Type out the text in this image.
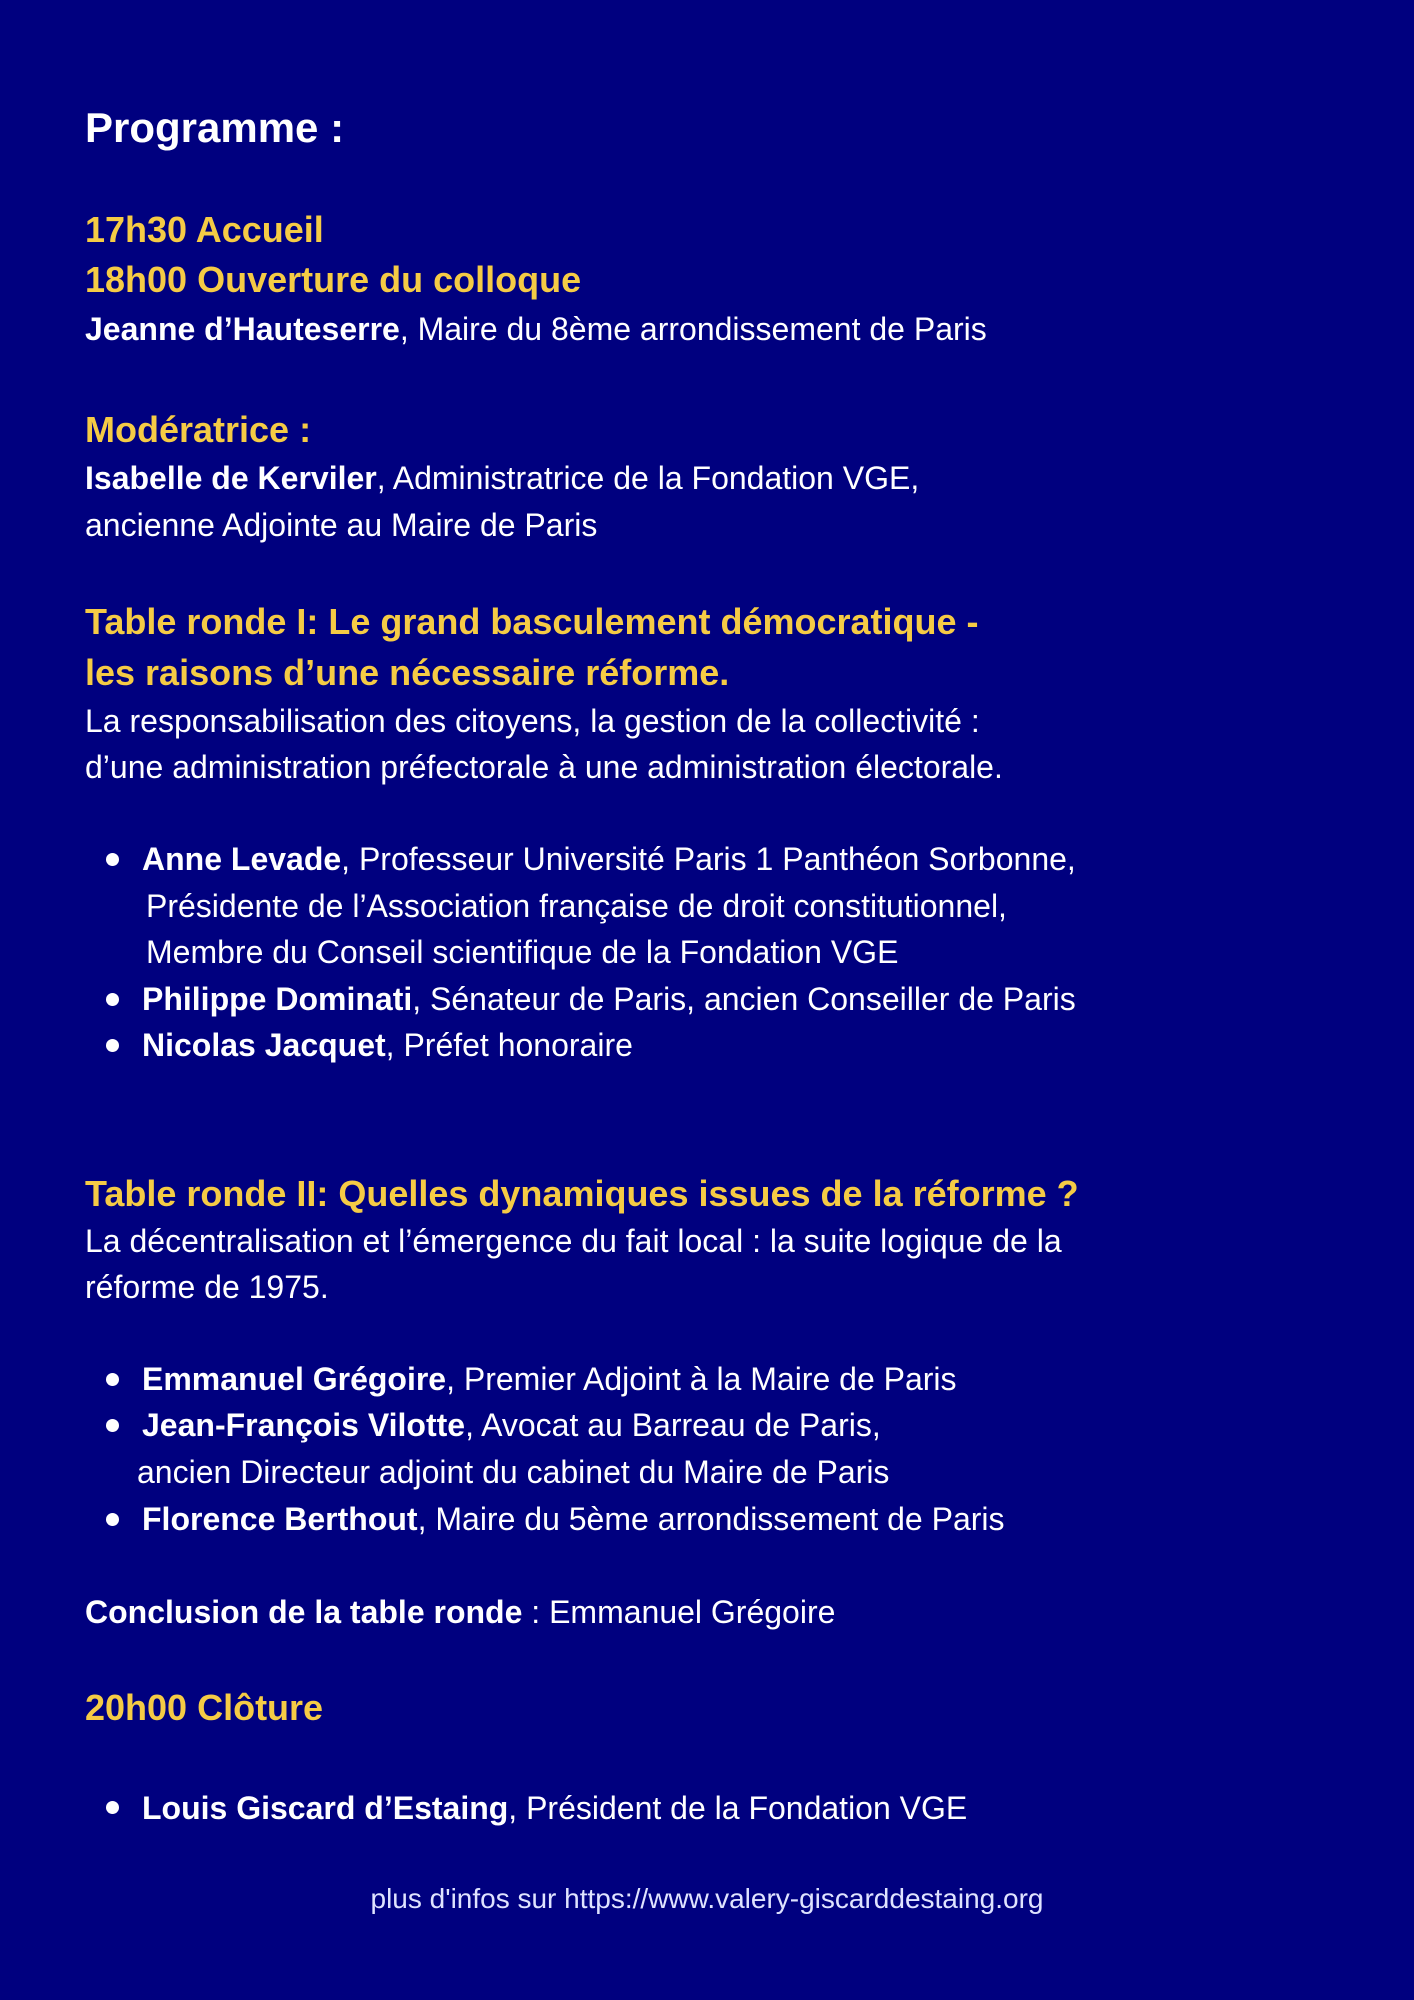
Programme :

17h30 Accueil

18h00 Ouverture du colloque

Jeanne d’Hauteserre, Maire du 8ème arrondissement de Paris

Modératrice :

Isabelle de Kerviler, Administratrice de la Fondation VGE,

ancienne Adjointe au Maire de Paris

Table ronde I: Le grand basculement démocratique -

les raisons d’une nécessaire réforme.

La responsabilisation des citoyens, la gestion de la collectivité :

d’une administration préfectorale à une administration électorale.

Anne Levade, Professeur Université Paris 1 Panthéon Sorbonne,

Présidente de l’Association française de droit constitutionnel,

Membre du Conseil scientifique de la Fondation VGE

Philippe Dominati, Sénateur de Paris, ancien Conseiller de Paris

Nicolas Jacquet, Préfet honoraire

Table ronde II: Quelles dynamiques issues de la réforme ?

La décentralisation et l’émergence du fait local : la suite logique de la

réforme de 1975.

Emmanuel Grégoire, Premier Adjoint à la Maire de Paris

Jean-François Vilotte, Avocat au Barreau de Paris,

ancien Directeur adjoint du cabinet du Maire de Paris

Florence Berthout, Maire du 5ème arrondissement de Paris

Conclusion de la table ronde : Emmanuel Grégoire

20h00 Clôture

Louis Giscard d’Estaing, Président de la Fondation VGE

plus d'infos sur https://www.valery-giscarddestaing.org
